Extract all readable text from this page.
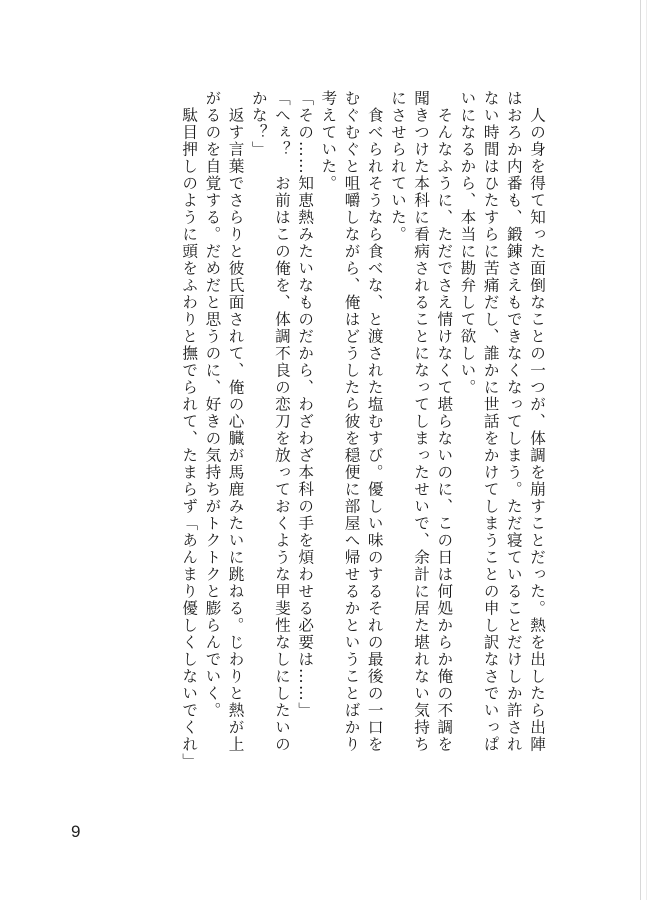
　人の身を得て知った面倒なことの一つが、体調を崩すことだった。熱を出したら出陣
はおろか内番も、鍛錬さえもできなくなってしまう。ただ寝ていることだけしか許され
ない時間はひたすらに苦痛だし、誰かに世話をかけてしまうことの申し訳なさでいっぱ
いになるから、本当に勘弁して欲しい。
　そんなふうに、ただでさえ情けなくて堪らないのに、この日は何処からか俺の不調を
聞きつけた本科に看病されることになってしまったせいで、余計に居た堪れない気持ち
にさせられていた。
　食べられそうなら食べな、と渡された塩むすび。優しい味のするそれの最後の一口を
むぐむぐと咀嚼しながら、俺はどうしたら彼を穏便に部屋へ帰せるかということばかり
考えていた。
「その……知恵熱みたいなものだから、わざわざ本科の手を煩わせる必要は……」
「へぇ？　お前はこの俺を、体調不良の恋刀を放っておくような甲斐性なしにしたいの
かな？」
　返す言葉でさらりと彼氏面されて、俺の心臓が馬鹿みたいに跳ねる。じわりと熱が上
がるのを自覚する。だめだと思うのに、好きの気持ちがトクトクと膨らんでいく。
　駄目押しのように頭をふわりと撫でられて、たまらず「あんまり優しくしないでくれ」
9
